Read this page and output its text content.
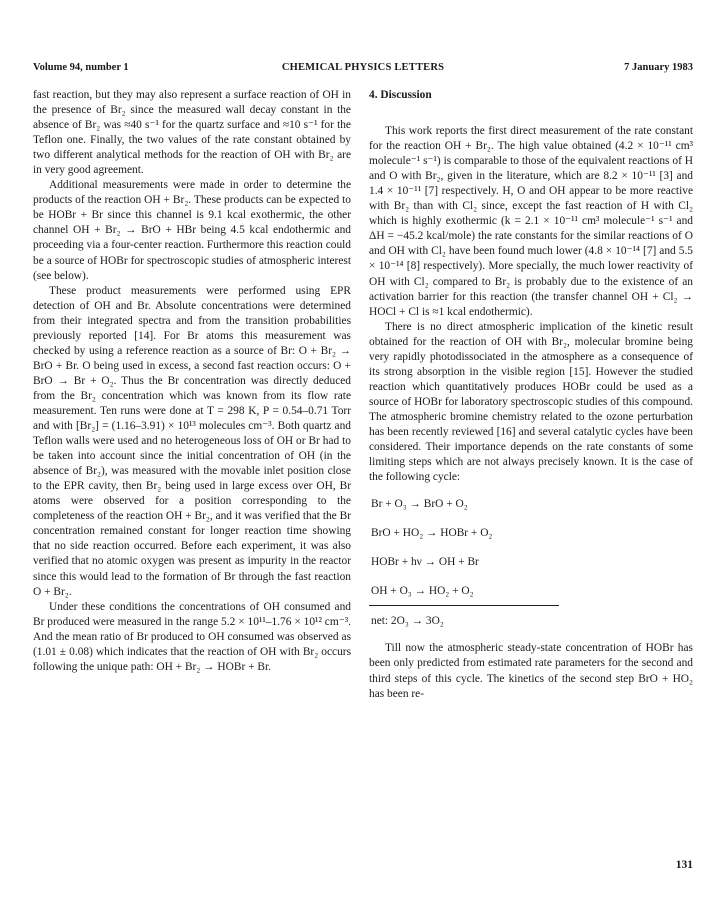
Volume 94, number 1	CHEMICAL PHYSICS LETTERS	7 January 1983

fast reaction, but they may also represent a surface reaction of OH in the presence of Br₂ since the measured wall decay constant in the absence of Br₂ was ≈40 s⁻¹ for the quartz surface and ≈10 s⁻¹ for the Teflon one. Finally, the two values of the rate constant obtained by two different analytical methods for the reaction of OH with Br₂ are in very good agreement.

Additional measurements were made in order to determine the products of the reaction OH + Br₂. These products can be expected to be HOBr + Br since this channel is 9.1 kcal exothermic, the other channel OH + Br₂ → BrO + HBr being 4.5 kcal endothermic and proceeding via a four-center reaction. Furthermore this reaction could be a source of HOBr for spectroscopic studies of atmospheric interest (see below).

These product measurements were performed using EPR detection of OH and Br. Absolute concentrations were determined from their integrated spectra and from the transition probabilities previously reported [14]. For Br atoms this measurement was checked by using a reference reaction as a source of Br: O + Br₂ → BrO + Br. O being used in excess, a second fast reaction occurs: O + BrO → Br + O₂. Thus the Br concentration was directly deduced from the Br₂ concentration which was known from its flow rate measurement. Ten runs were done at T = 298 K, P = 0.54–0.71 Torr and with [Br₂] = (1.16–3.91) × 10¹³ molecules cm⁻³. Both quartz and Teflon walls were used and no heterogeneous loss of OH or Br had to be taken into account since the initial concentration of OH (in the absence of Br₂), was measured with the movable inlet position close to the EPR cavity, then Br₂ being used in large excess over OH, Br atoms were observed for a position corresponding to the completeness of the reaction OH + Br₂, and it was verified that the Br concentration remained constant for longer reaction time showing that no side reaction occurred. Before each experiment, it was also verified that no atomic oxygen was present as impurity in the reactor since this would lead to the formation of Br through the fast reaction O + Br₂.

Under these conditions the concentrations of OH consumed and Br produced were measured in the range 5.2 × 10¹¹–1.76 × 10¹² cm⁻³. And the mean ratio of Br produced to OH consumed was observed as (1.01 ± 0.08) which indicates that the reaction of OH with Br₂ occurs following the unique path: OH + Br₂ → HOBr + Br.

4. Discussion

This work reports the first direct measurement of the rate constant for the reaction OH + Br₂. The high value obtained (4.2 × 10⁻¹¹ cm³ molecule⁻¹ s⁻¹) is comparable to those of the equivalent reactions of H and O with Br₂, given in the literature, which are 8.2 × 10⁻¹¹ [3] and 1.4 × 10⁻¹¹ [7] respectively. H, O and OH appear to be more reactive with Br₂ than with Cl₂ since, except the fast reaction of H with Cl₂ which is highly exothermic (k = 2.1 × 10⁻¹¹ cm³ molecule⁻¹ s⁻¹ and ΔH = −45.2 kcal/mole) the rate constants for the similar reactions of O and OH with Cl₂ have been found much lower (4.8 × 10⁻¹⁴ [7] and 5.5 × 10⁻¹⁴ [8] respectively). More specially, the much lower reactivity of OH with Cl₂ compared to Br₂ is probably due to the existence of an activation barrier for this reaction (the transfer channel OH + Cl₂ → HOCl + Cl is ≈1 kcal endothermic).

There is no direct atmospheric implication of the kinetic result obtained for the reaction of OH with Br₂, molecular bromine being very rapidly photodissociated in the atmosphere as a consequence of its strong absorption in the visible region [15]. However the studied reaction which quantitatively produces HOBr could be used as a source of HOBr for laboratory spectroscopic studies of this compound. The atmospheric bromine chemistry related to the ozone perturbation has been recently reviewed [16] and several catalytic cycles have been considered. Their importance depends on the rate constants of some limiting steps which are not always precisely known. It is the case of the following cycle:

Br + O₃ → BrO + O₂

BrO + HO₂ → HOBr + O₂

HOBr + hν → OH + Br

OH + O₃ → HO₂ + O₂

net: 2O₃ → 3O₂

Till now the atmospheric steady-state concentration of HOBr has been only predicted from estimated rate parameters for the second and third steps of this cycle. The kinetics of the second step BrO + HO₂ has been re-

131
